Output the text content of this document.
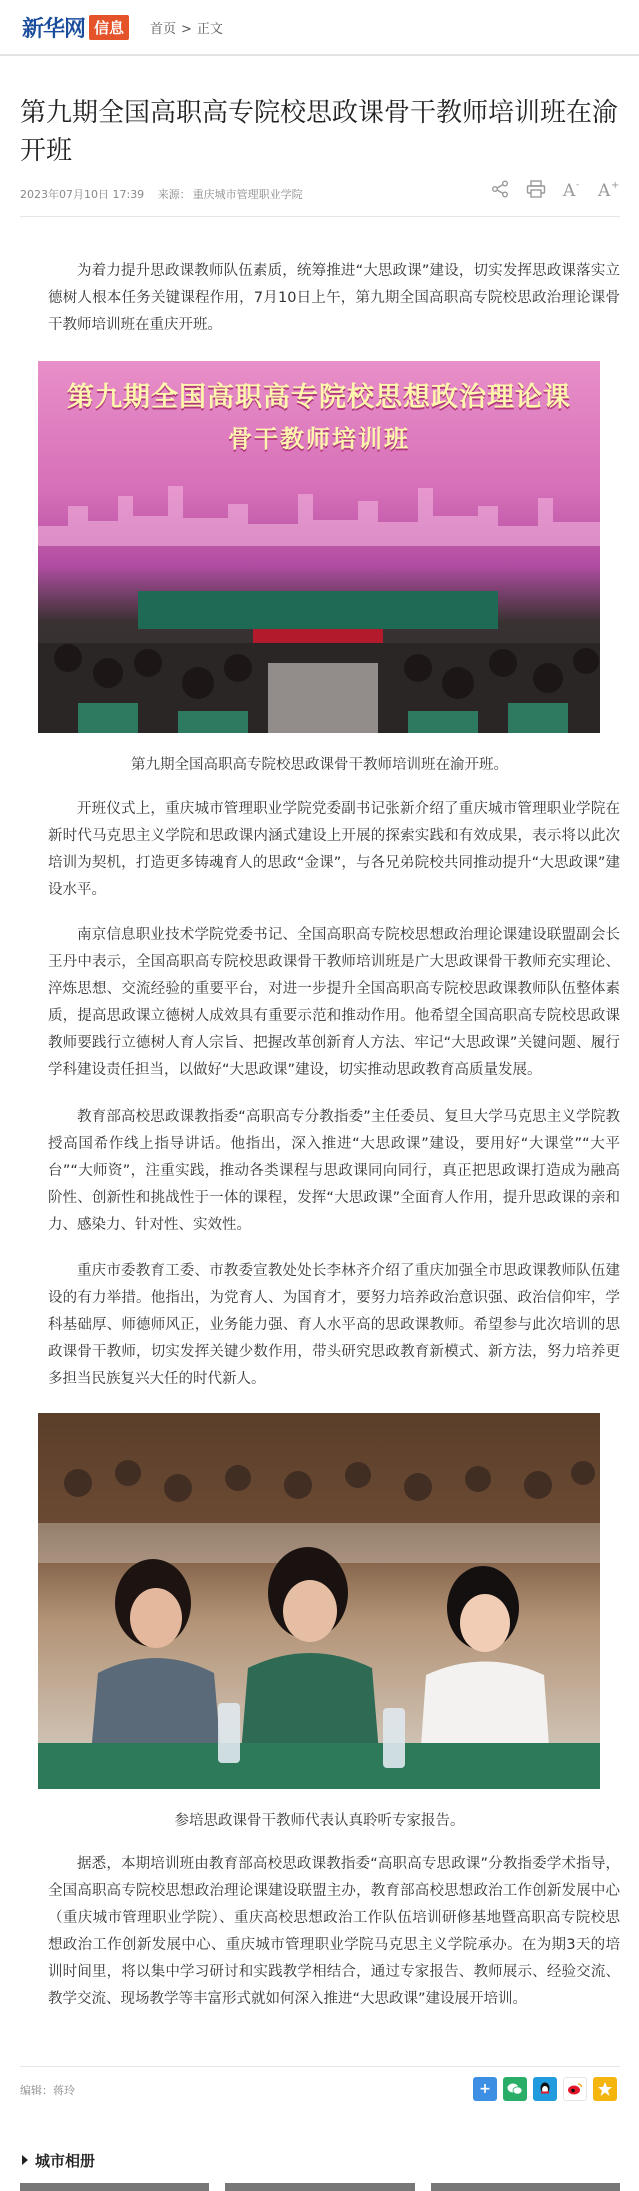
新华网 信息	首页 > 正文
第九期全国高职高专院校思政课骨干教师培训班在渝开班
2023年07月10日 17:39 来源： 重庆城市管理职业学院	A - A +

为着力提升思政课教师队伍素质，统筹推进“大思政课”建设，切实发挥思政课落实立德树人根本任务关键课程作用，7月10日上午，第九期全国高职高专院校思政治理论课骨干教师培训班在重庆开班。

第九期全国高职高专院校思想政治理论课
骨干教师培训班
第九期全国高职高专院校思政课骨干教师培训班在渝开班。

开班仪式上，重庆城市管理职业学院党委副书记张新介绍了重庆城市管理职业学院在新时代马克思主义学院和思政课内涵式建设上开展的探索实践和有效成果，表示将以此次培训为契机，打造更多铸魂育人的思政“金课”，与各兄弟院校共同推动提升“大思政课”建设水平。

南京信息职业技术学院党委书记、全国高职高专院校思想政治理论课建设联盟副会长王丹中表示，全国高职高专院校思政课骨干教师培训班是广大思政课骨干教师充实理论、淬炼思想、交流经验的重要平台，对进一步提升全国高职高专院校思政课教师队伍整体素质，提高思政课立德树人成效具有重要示范和推动作用。他希望全国高职高专院校思政课教师要践行立德树人育人宗旨、把握改革创新育人方法、牢记“大思政课”关键问题、履行学科建设责任担当，以做好“大思政课”建设，切实推动思政教育高质量发展。

教育部高校思政课教指委“高职高专分教指委”主任委员、复旦大学马克思主义学院教授高国希作线上指导讲话。他指出，深入推进“大思政课”建设，要用好“大课堂”“大平台”“大师资”，注重实践，推动各类课程与思政课同向同行，真正把思政课打造成为融高阶性、创新性和挑战性于一体的课程，发挥“大思政课”全面育人作用，提升思政课的亲和力、感染力、针对性、实效性。

重庆市委教育工委、市教委宣教处处长李林齐介绍了重庆加强全市思政课教师队伍建设的有力举措。他指出，为党育人、为国育才，要努力培养政治意识强、政治信仰牢，学科基础厚、师德师风正，业务能力强、育人水平高的思政课教师。希望参与此次培训的思政课骨干教师，切实发挥关键少数作用，带头研究思政教育新模式、新方法，努力培养更多担当民族复兴大任的时代新人。

参培思政课骨干教师代表认真聆听专家报告。

据悉，本期培训班由教育部高校思政课教指委“高职高专思政课”分教指委学术指导，全国高职高专院校思想政治理论课建设联盟主办，教育部高校思想政治工作创新发展中心（重庆城市管理职业学院）、重庆高校思想政治工作队伍培训研修基地暨高职高专院校思想政治工作创新发展中心、重庆城市管理职业学院马克思主义学院承办。在为期3天的培训时间里，将以集中学习研讨和实践教学相结合，通过专家报告、教师展示、经验交流、教学交流、现场教学等丰富形式就如何深入推进“大思政课”建设展开培训。

编辑：蒋玲	+
城市相册
